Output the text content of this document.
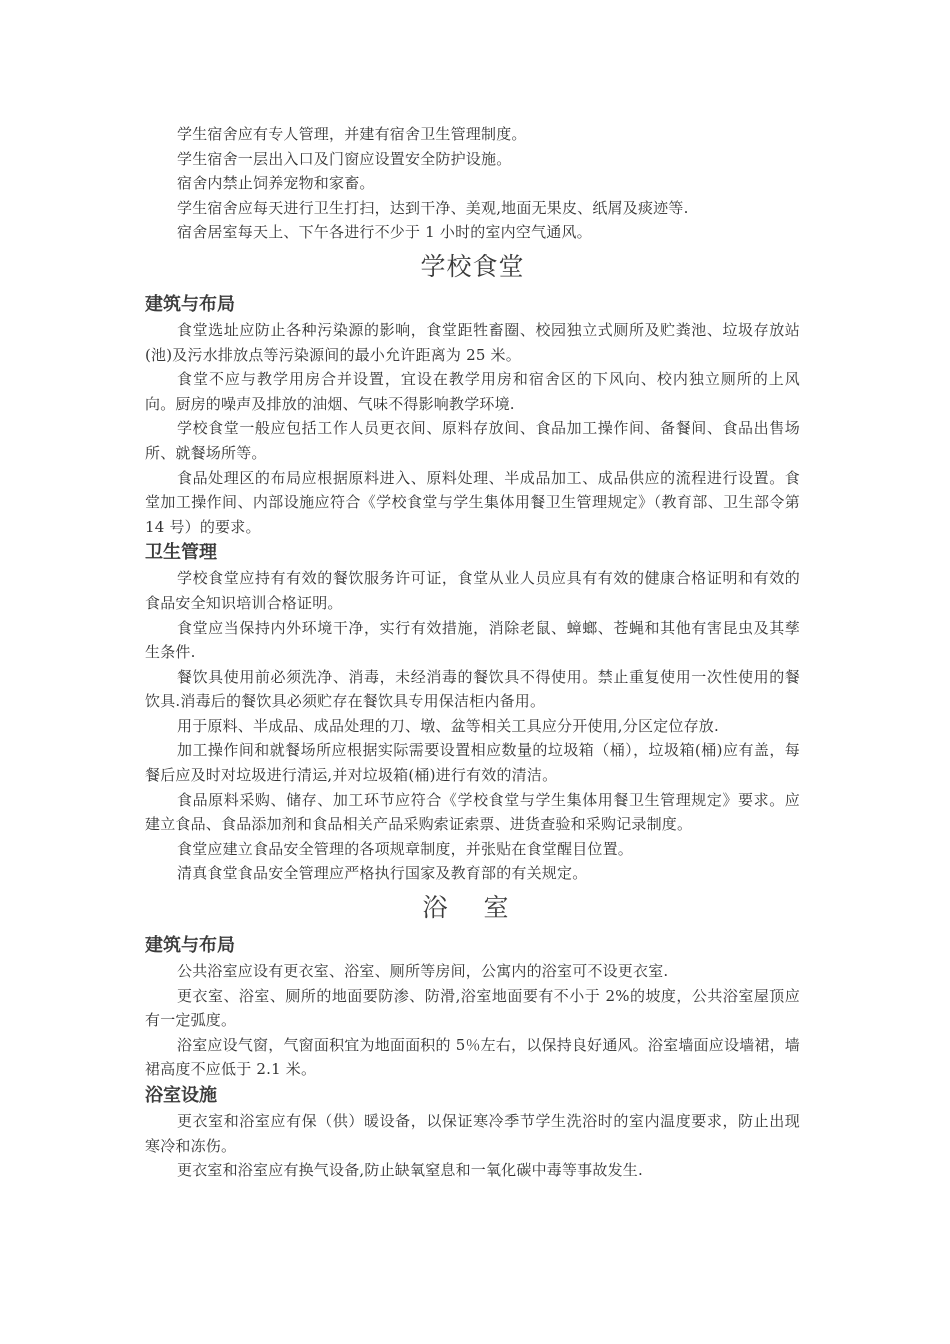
学生宿舍应有专人管理，并建有宿舍卫生管理制度。

学生宿舍一层出入口及门窗应设置安全防护设施。

宿舍内禁止饲养宠物和家畜。

学生宿舍应每天进行卫生打扫，达到干净、美观,地面无果皮、纸屑及痰迹等.

宿舍居室每天上、下午各进行不少于 1 小时的室内空气通风。

学校食堂
建筑与布局

食堂选址应防止各种污染源的影响，食堂距牲畜圈、校园独立式厕所及贮粪池、垃圾存放站(池)及污水排放点等污染源间的最小允许距离为 25 米。

食堂不应与教学用房合并设置，宜设在教学用房和宿舍区的下风向、校内独立厕所的上风向。厨房的噪声及排放的油烟、气味不得影响教学环境.

学校食堂一般应包括工作人员更衣间、原料存放间、食品加工操作间、备餐间、食品出售场所、就餐场所等。

食品处理区的布局应根据原料进入、原料处理、半成品加工、成品供应的流程进行设置。食堂加工操作间、内部设施应符合《学校食堂与学生集体用餐卫生管理规定》（教育部、卫生部令第 14 号）的要求。

卫生管理

学校食堂应持有有效的餐饮服务许可证，食堂从业人员应具有有效的健康合格证明和有效的食品安全知识培训合格证明。

食堂应当保持内外环境干净，实行有效措施，消除老鼠、蟑螂、苍蝇和其他有害昆虫及其孳生条件.

餐饮具使用前必须洗净、消毒，未经消毒的餐饮具不得使用。禁止重复使用一次性使用的餐饮具.消毒后的餐饮具必须贮存在餐饮具专用保洁柜内备用。

用于原料、半成品、成品处理的刀、墩、盆等相关工具应分开使用,分区定位存放.

加工操作间和就餐场所应根据实际需要设置相应数量的垃圾箱（桶），垃圾箱(桶)应有盖，每餐后应及时对垃圾进行清运,并对垃圾箱(桶)进行有效的清洁。

食品原料采购、储存、加工环节应符合《学校食堂与学生集体用餐卫生管理规定》要求。应建立食品、食品添加剂和食品相关产品采购索证索票、进货查验和采购记录制度。

食堂应建立食品安全管理的各项规章制度，并张贴在食堂醒目位置。

清真食堂食品安全管理应严格执行国家及教育部的有关规定。

浴 室
建筑与布局

公共浴室应设有更衣室、浴室、厕所等房间，公寓内的浴室可不设更衣室.

更衣室、浴室、厕所的地面要防渗、防滑,浴室地面要有不小于 2%的坡度，公共浴室屋顶应有一定弧度。

浴室应设气窗，气窗面积宜为地面面积的 5％左右，以保持良好通风。浴室墙面应设墙裙，墙裙高度不应低于 2.1 米。

浴室设施

更衣室和浴室应有保（供）暖设备，以保证寒冷季节学生洗浴时的室内温度要求，防止出现寒冷和冻伤。

更衣室和浴室应有换气设备,防止缺氧窒息和一氧化碳中毒等事故发生.
